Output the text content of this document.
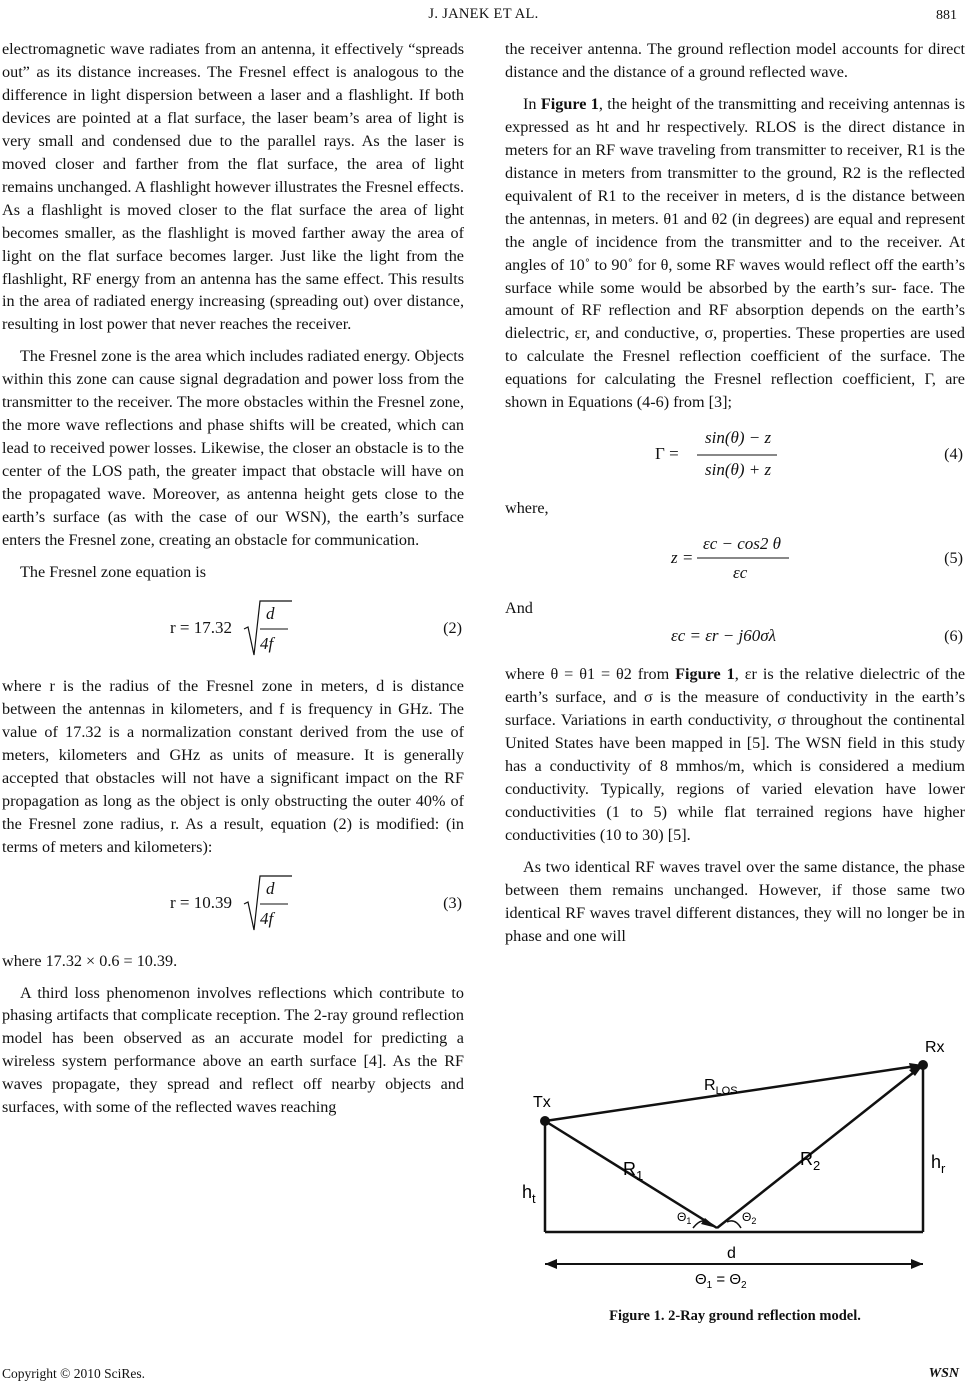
J. JANEK ET AL.	881

electromagnetic wave radiates from an antenna, it effectively “spreads out” as its distance increases. The Fresnel effect is analogous to the difference in light dispersion between a laser and a flashlight. If both devices are pointed at a flat surface, the laser beam’s area of light is very small and condensed due to the parallel rays. As the laser is moved closer and farther from the flat surface, the area of light remains unchanged. A flashlight however illustrates the Fresnel effects. As a flashlight is moved closer to the flat surface the area of light becomes smaller, as the flashlight is moved farther away the area of light on the flat surface becomes larger. Just like the light from the flashlight, RF energy from an antenna has the same effect. This results in the area of radiated energy increasing (spreading out) over distance, resulting in lost power that never reaches the receiver.

The Fresnel zone is the area which includes radiated energy. Objects within this zone can cause signal degradation and power loss from the transmitter to the receiver. The more obstacles within the Fresnel zone, the more wave reflections and phase shifts will be created, which can lead to received power losses. Likewise, the closer an obstacle is to the center of the LOS path, the greater impact that obstacle will have on the propagated wave. Moreover, as antenna height gets close to the earth’s surface (as with the case of our WSN), the earth’s surface enters the Fresnel zone, creating an obstacle for communication.

The Fresnel zone equation is

r = 17.32
d
4f
(2)

where r is the radius of the Fresnel zone in meters, d is distance between the antennas in kilometers, and f is frequency in GHz. The value of 17.32 is a normalization constant derived from the use of meters, kilometers and GHz as units of measure. It is generally accepted that obstacles will not have a significant impact on the RF propagation as long as the object is only obstructing the outer 40% of the Fresnel zone radius, r. As a result, equation (2) is modified: (in terms of meters and kilometers):

r = 10.39
d
4f
(3)

where 17.32 × 0.6 = 10.39.

A third loss phenomenon involves reflections which contribute to phasing artifacts that complicate reception. The 2-ray ground reflection model has been observed as an accurate model for predicting a wireless system performance above an earth surface [4]. As the RF waves propagate, they spread and reflect off nearby objects and surfaces, with some of the reflected waves reaching

the receiver antenna. The ground reflection model accounts for direct distance and the distance of a ground reflected wave.

In Figure 1, the height of the transmitting and receiving antennas is expressed as ht and hr respectively. RLOS is the direct distance in meters for an RF wave traveling from transmitter to receiver, R1 is the distance in meters from transmitter to the ground, R2 is the reflected equivalent of R1 to the receiver in meters, d is the distance between the antennas, in meters. θ1 and θ2 (in degrees) are equal and represent the angle of incidence from the transmitter and to the receiver. At angles of 10˚ to 90˚ for θ, some RF waves would reflect off the earth’s surface while some would be absorbed by the earth’s sur- face. The amount of RF reflection and RF absorption depends on the earth’s dielectric, εr, and conductive, σ, properties. These properties are used to calculate the Fresnel reflection coefficient of the surface. The equations for calculating the Fresnel reflection coefficient, Γ, are shown in Equations (4-6) from [3];

Γ =
sin(θ) − z
sin(θ) + z
(4)

where,

z =
εc − cos2 θ
εc
(5)

And

εc = εr − j60σλ	(6)

where θ = θ1 = θ2 from Figure 1, εr is the relative dielectric of the earth’s surface, and σ is the measure of conductivity in the earth’s surface. Variations in earth conductivity, σ throughout the continental United States have been mapped in [5]. The WSN field in this study has a conductivity of 8 mmhos/m, which is considered a medium conductivity. Typically, regions of varied elevation have lower conductivities (1 to 5) while flat terrained regions have higher conductivities (10 to 30) [5].

As two identical RF waves travel over the same distance, the phase between them remains unchanged. However, if those same two identical RF waves travel different distances, they will no longer be in phase and one will

Tx
Rx
$R_{LOS}$
$R_1$
$R_2$
$h_t$
$h_r$
$\Theta_1$	$\Theta_2$
d
$\Theta_1 = \Theta_2$
Figure 1. 2-Ray ground reflection model.
Copyright © 2010 SciRes.	WSN
